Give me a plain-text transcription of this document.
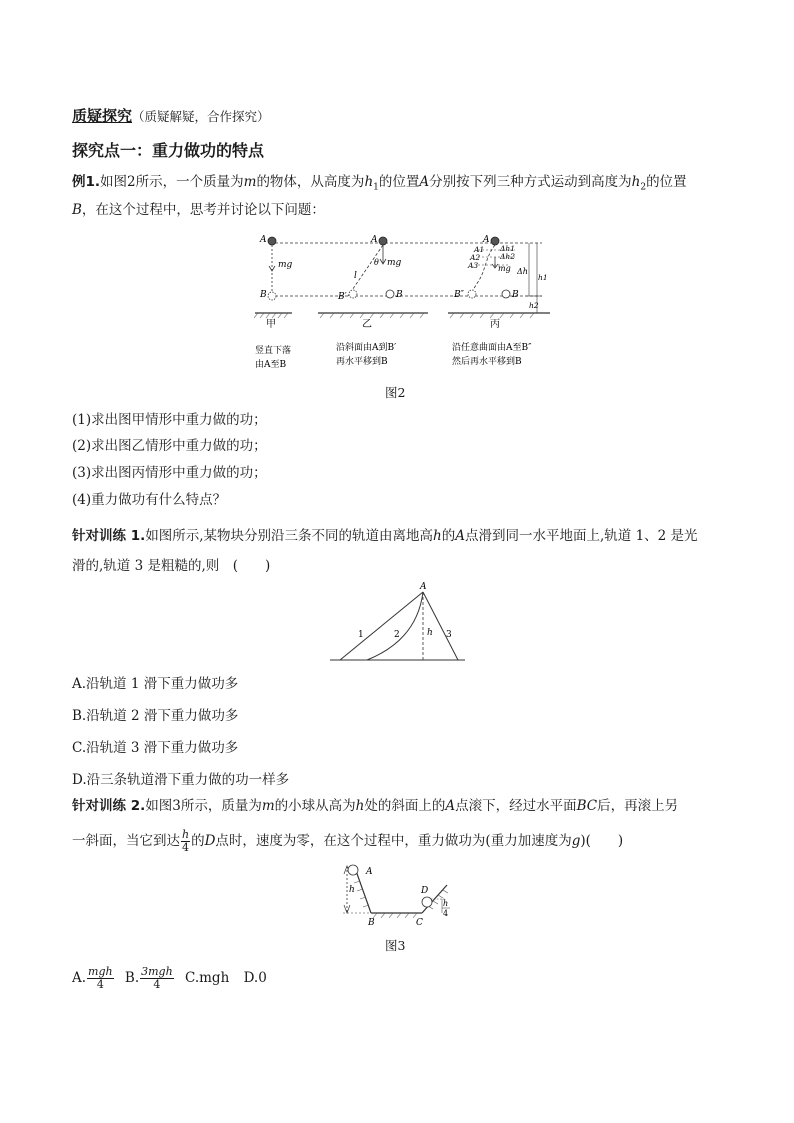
质疑探究（质疑解疑，合作探究）
探究点一：重力做功的特点
例1.如图2所示，一个质量为m的物体，从高度为$h_1$的位置A分别按下列三种方式运动到高度为$h_2$的位置
B，在这个过程中，思考并讨论以下问题：
A
mg
B
A
θ mg
l
B′	B
A
A1
A2
A3
Δh1
Δh2
mg
B″	B
Δh
h1
h2
甲	乙	丙
竖直下落
由A至B
沿斜面由A到B′
再水平移到B
沿任意曲面由A至B″
然后再水平移到B
图2
(1)求出图甲情形中重力做的功；
(2)求出图乙情形中重力做的功；
(3)求出图丙情形中重力做的功；
(4)重力做功有什么特点？
针对训练 1.如图所示,某物块分别沿三条不同的轨道由离地高h的A点滑到同一水平地面上,轨道 1、2 是光
滑的,轨道 3 是粗糙的,则　(　　)
A
1	2	h 3
A.沿轨道 1 滑下重力做功多
B.沿轨道 2 滑下重力做功多
C.沿轨道 3 滑下重力做功多
D.沿三条轨道滑下重力做的功一样多
针对训练 2.如图3所示，质量为m的小球从高为h处的斜面上的A点滚下，经过水平面BC后，再滚上另
一斜面，当它到达 $\frac{h}{4}$ 的D点时，速度为零，在这个过程中，重力做功为(重力加速度为g)(　　)
A
h
B	C
D
h
4
图3
A. $\frac{\text{mgh}}{4} B$. $\frac{\text{3mgh}}{4} C.mgh$ D.0
